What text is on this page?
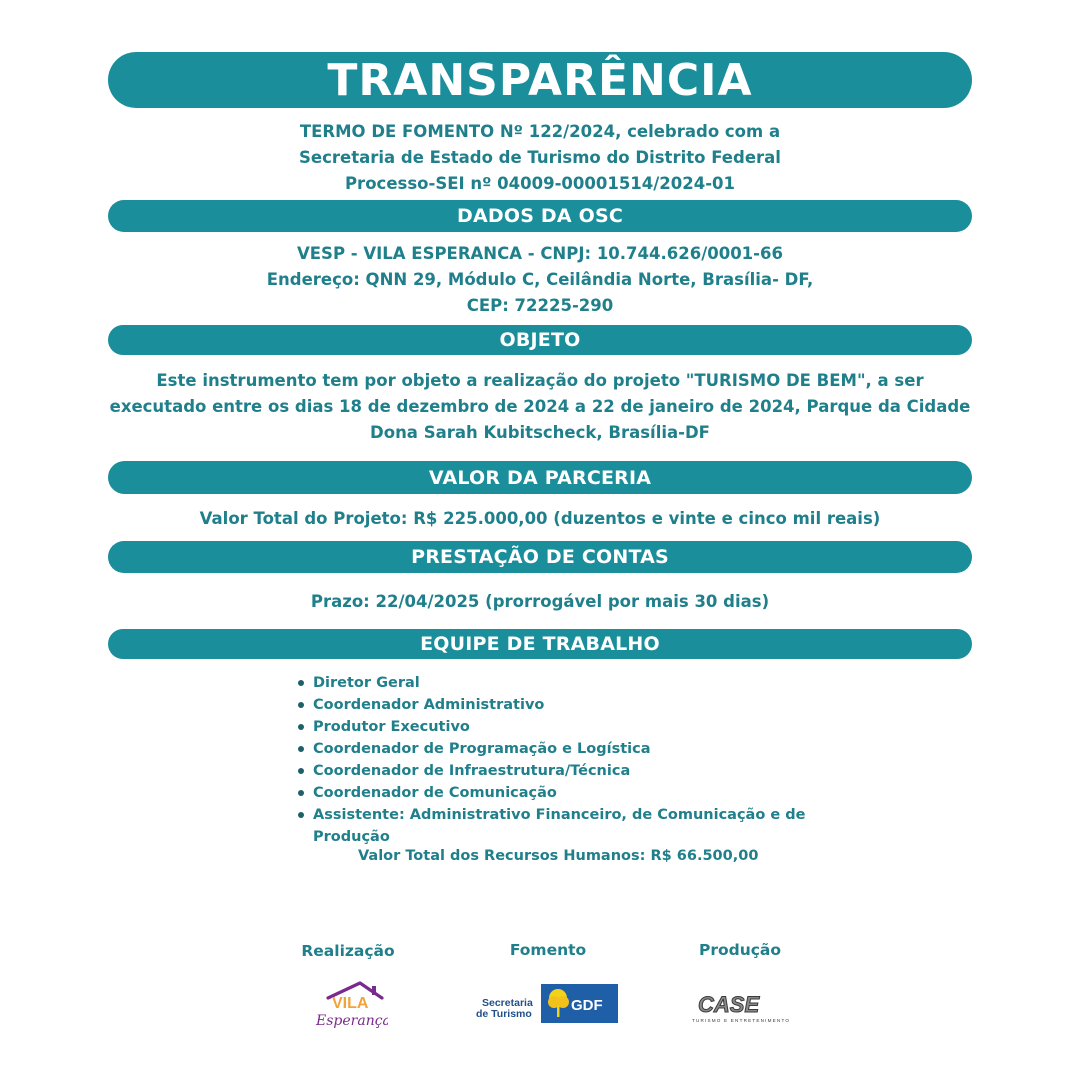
TRANSPARÊNCIA
TERMO DE FOMENTO Nº 122/2024, celebrado com a
Secretaria de Estado de Turismo do Distrito Federal
Processo-SEI nº 04009-00001514/2024-01
DADOS DA OSC
VESP - VILA ESPERANCA - CNPJ: 10.744.626/0001-66
Endereço: QNN 29, Módulo C, Ceilândia Norte, Brasília- DF,
CEP: 72225-290
OBJETO
Este instrumento tem por objeto a realização do projeto "TURISMO DE BEM", a ser
executado entre os dias 18 de dezembro de 2024 a 22 de janeiro de 2024, Parque da Cidade
Dona Sarah Kubitscheck, Brasília-DF
VALOR DA PARCERIA
Valor Total do Projeto: R$ 225.000,00 (duzentos e vinte e cinco mil reais)
PRESTAÇÃO DE CONTAS
Prazo: 22/04/2025 (prorrogável por mais 30 dias)
EQUIPE DE TRABALHO
Diretor Geral
Coordenador Administrativo
Produtor Executivo
Coordenador de Programação e Logística
Coordenador de Infraestrutura/Técnica
Coordenador de Comunicação
Assistente: Administrativo Financeiro, de Comunicação e de
Produção
Valor Total dos Recursos Humanos: R$ 66.500,00
Realização	Fomento	Produção
VILA
Esperança
Secretaria
de Turismo	GDF	CASE
TURISMO E ENTRETENIMENTO
